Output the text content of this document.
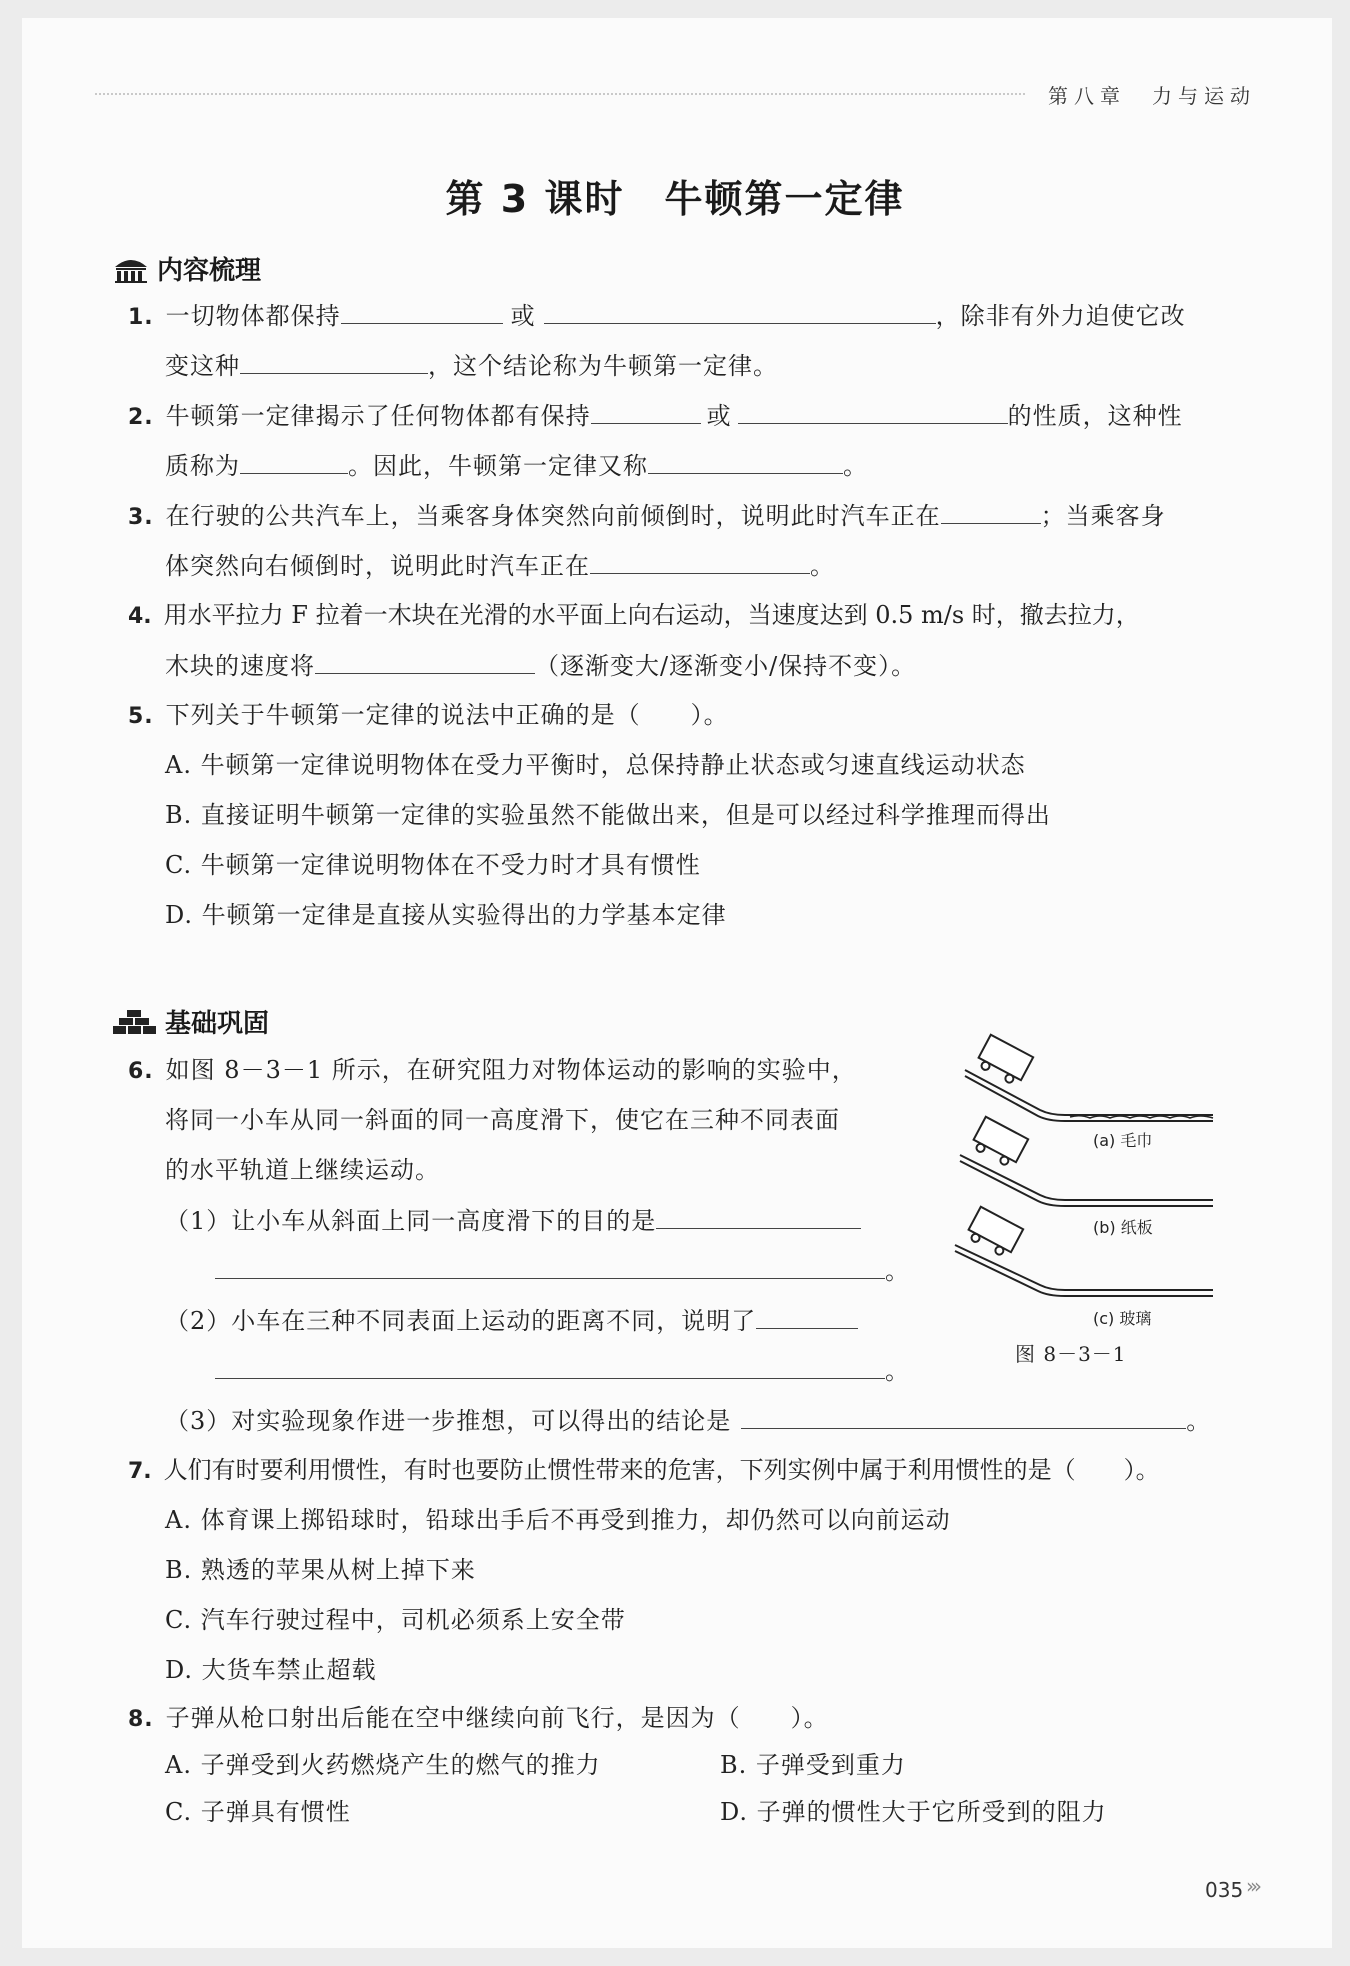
第八章　力与运动
第 3 课时　牛顿第一定律
内容梳理
1. 一切物体都保持	或	，除非有外力迫使它改
变这种	，这个结论称为牛顿第一定律。
2. 牛顿第一定律揭示了任何物体都有保持	或	的性质，这种性
质称为	。因此，牛顿第一定律又称	。
3. 在行驶的公共汽车上，当乘客身体突然向前倾倒时，说明此时汽车正在	；当乘客身
体突然向右倾倒时，说明此时汽车正在	。
4. 用水平拉力 F 拉着一木块在光滑的水平面上向右运动，当速度达到 0.5 m/s 时，撤去拉力，
木块的速度将	（逐渐变大/逐渐变小/保持不变）。
5. 下列关于牛顿第一定律的说法中正确的是（　　）。
A. 牛顿第一定律说明物体在受力平衡时，总保持静止状态或匀速直线运动状态
B. 直接证明牛顿第一定律的实验虽然不能做出来，但是可以经过科学推理而得出
C. 牛顿第一定律说明物体在不受力时才具有惯性
D. 牛顿第一定律是直接从实验得出的力学基本定律
基础巩固
6. 如图 8－3－1 所示，在研究阻力对物体运动的影响的实验中，
将同一小车从同一斜面的同一高度滑下，使它在三种不同表面
的水平轨道上继续运动。
（1）让小车从斜面上同一高度滑下的目的是
。
（2）小车在三种不同表面上运动的距离不同，说明了
。
（3）对实验现象作进一步推想，可以得出的结论是	。
(a) 毛巾
(b) 纸板
(c) 玻璃
图 8－3－1
7. 人们有时要利用惯性，有时也要防止惯性带来的危害，下列实例中属于利用惯性的是（　　）。
A. 体育课上掷铅球时，铅球出手后不再受到推力，却仍然可以向前运动
B. 熟透的苹果从树上掉下来
C. 汽车行驶过程中，司机必须系上安全带
D. 大货车禁止超载
8. 子弹从枪口射出后能在空中继续向前飞行，是因为（　　）。
A. 子弹受到火药燃烧产生的燃气的推力	B. 子弹受到重力
C. 子弹具有惯性	D. 子弹的惯性大于它所受到的阻力
035 ›››
